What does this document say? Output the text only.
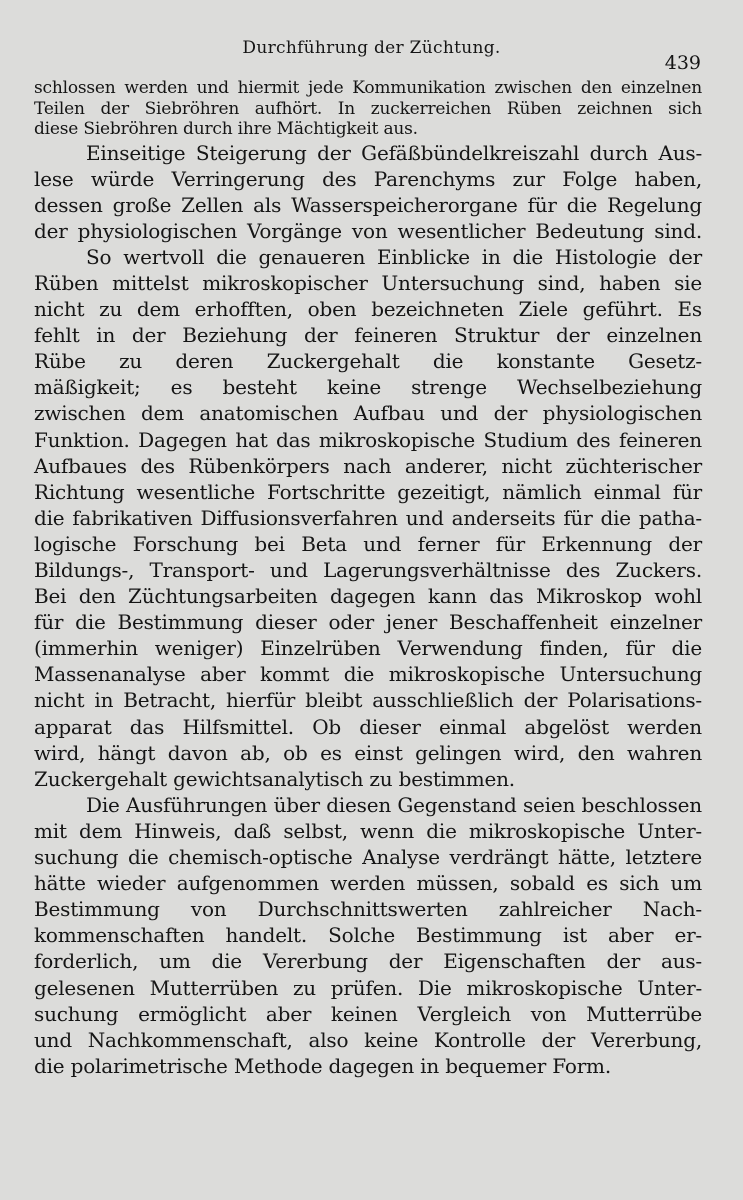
Durchführung der Züchtung.
439
schlossen werden und hiermit jede Kommunikation zwischen den einzelnen
Teilen der Siebröhren aufhört. In zuckerreichen Rüben zeichnen sich
diese Siebröhren durch ihre Mächtigkeit aus.
Einseitige Steigerung der Gefäßbündelkreiszahl durch Aus-
lese würde Verringerung des Parenchyms zur Folge haben,
dessen große Zellen als Wasserspeicherorgane für die Regelung
der physiologischen Vorgänge von wesentlicher Bedeutung sind.
So wertvoll die genaueren Einblicke in die Histologie der
Rüben mittelst mikroskopischer Untersuchung sind, haben sie
nicht zu dem erhofften, oben bezeichneten Ziele geführt. Es
fehlt in der Beziehung der feineren Struktur der einzelnen
Rübe zu deren Zuckergehalt die konstante Gesetz-
mäßigkeit; es besteht keine strenge Wechselbeziehung
zwischen dem anatomischen Aufbau und der physiologischen
Funktion. Dagegen hat das mikroskopische Studium des feineren
Aufbaues des Rübenkörpers nach anderer, nicht züchterischer
Richtung wesentliche Fortschritte gezeitigt, nämlich einmal für
die fabrikativen Diffusionsverfahren und anderseits für die patha-
logische Forschung bei Beta und ferner für Erkennung der
Bildungs-, Transport- und Lagerungsverhältnisse des Zuckers.
Bei den Züchtungsarbeiten dagegen kann das Mikroskop wohl
für die Bestimmung dieser oder jener Beschaffenheit einzelner
(immerhin weniger) Einzelrüben Verwendung finden, für die
Massenanalyse aber kommt die mikroskopische Untersuchung
nicht in Betracht, hierfür bleibt ausschließlich der Polarisations-
apparat das Hilfsmittel. Ob dieser einmal abgelöst werden
wird, hängt davon ab, ob es einst gelingen wird, den wahren
Zuckergehalt gewichtsanalytisch zu bestimmen.
Die Ausführungen über diesen Gegenstand seien beschlossen
mit dem Hinweis, daß selbst, wenn die mikroskopische Unter-
suchung die chemisch-optische Analyse verdrängt hätte, letztere
hätte wieder aufgenommen werden müssen, sobald es sich um
Bestimmung von Durchschnittswerten zahlreicher Nach-
kommenschaften handelt. Solche Bestimmung ist aber er-
forderlich, um die Vererbung der Eigenschaften der aus-
gelesenen Mutterrüben zu prüfen. Die mikroskopische Unter-
suchung ermöglicht aber keinen Vergleich von Mutterrübe
und Nachkommenschaft, also keine Kontrolle der Vererbung,
die polarimetrische Methode dagegen in bequemer Form.
